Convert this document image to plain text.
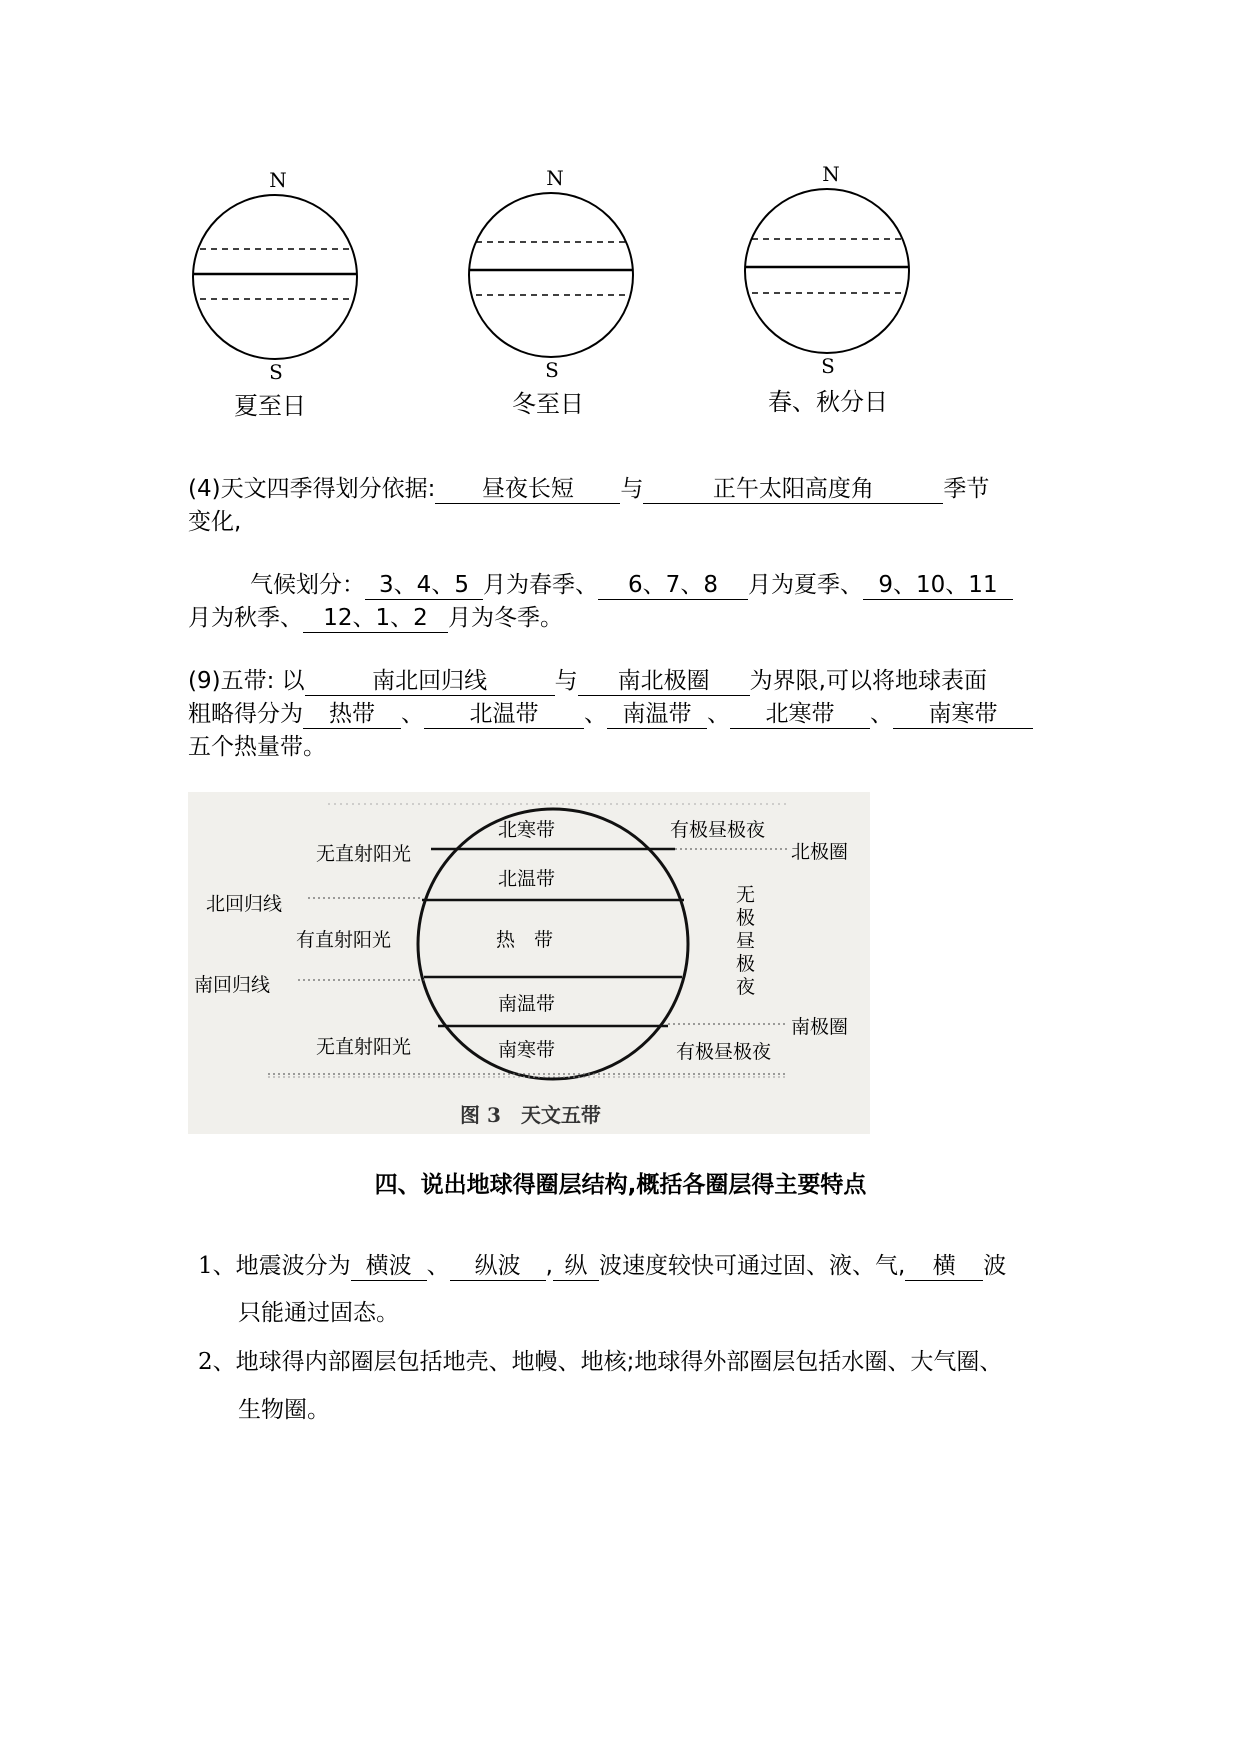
N
S
夏至日
N
S
冬至日
N
S
春、秋分日
(4)天文四季得划分依据: 昼夜长短 与	正午太阳高度角	季节
变化,
气候划分： 3、4、5 月为春季、 6、7、8 月为夏季、 9、10、11
月为秋季、 12、1、2 月为冬季。
(9)五带: 以	南北回归线	与 南北极圈 为界限,可以将地球表面
粗略得分为 热带 、 北温带 、 南温带 、 北寒带 、 南寒带
五个热量带。
无直射阳光
北回归线
有直射阳光
南回归线
无直射阳光
北寒带
北温带
热　带
南温带
南寒带
有极昼极夜
北极圈
无极昼极夜
南极圈
有极昼极夜
图 3　天文五带
四、说出地球得圈层结构,概括各圈层得主要特点
1、地震波分为 横波 、 纵波 , 纵 波速度较快可通过固、液、气, 横 波
只能通过固态。
2、地球得内部圈层包括地壳、地幔、地核;地球得外部圈层包括水圈、大气圈、
生物圈。
